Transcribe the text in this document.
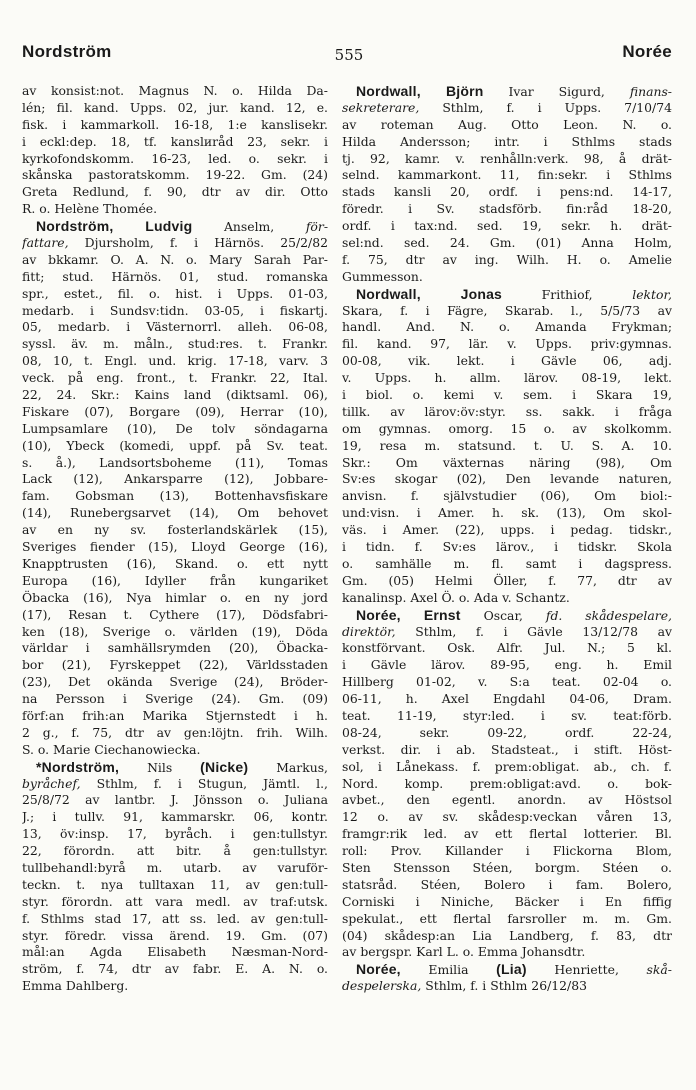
Nordström	555	Norée
av konsist:not. Magnus N. o. Hilda Da-
lén; fil. kand. Upps. 02, jur. kand. 12, e.
fisk. i kammarkoll. 16-18, 1:e kanslisekr.
i eckl:dep. 18, tf. kanslиråd 23, sekr. i
kyrkofondskomm. 16-23, led. o. sekr. i
skånska pastoratskomm. 19-22. Gm. (24)
Greta Redlund, f. 90, dtr av dir. Otto
R. o. Helène Thomée.
Nordström, Ludvig Anselm, för-
fattare, Djursholm, f. i Härnös. 25/2/82
av bkkamr. O. A. N. o. Mary Sarah Par-
fitt; stud. Härnös. 01, stud. romanska
spr., estet., fil. o. hist. i Upps. 01-03,
medarb. i Sundsv:tidn. 03-05, i fiskartj.
05, medarb. i Västernorrl. alleh. 06-08,
syssl. äv. m. måln., stud:res. t. Frankr.
08, 10, t. Engl. und. krig. 17-18, varv. 3
veck. på eng. front., t. Frankr. 22, Ital.
22, 24. Skr.: Kains land (diktsaml. 06),
Fiskare (07), Borgare (09), Herrar (10),
Lumpsamlare (10), De tolv söndagarna
(10), Ybeck (komedi, uppf. på Sv. teat.
s. å.), Landsortsboheme (11), Tomas
Lack (12), Ankarsparre (12), Jobbare-
fam. Gobsman (13), Bottenhavsfiskare
(14), Runebergsarvet (14), Om behovet
av en ny sv. fosterlandskärlek (15),
Sveriges fiender (15), Lloyd George (16),
Knapptrusten (16), Skand. o. ett nytt
Europa (16), Idyller från kungariket
Öbacka (16), Nya himlar o. en ny jord
(17), Resan t. Cythere (17), Dödsfabri-
ken (18), Sverige o. världen (19), Döda
världar i samhällsrymden (20), Öbacka-
bor (21), Fyrskeppet (22), Världsstaden
(23), Det okända Sverige (24), Bröder-
na Persson i Sverige (24). Gm. (09)
förf:an frih:an Marika Stjernstedt i h.
2 g., f. 75, dtr av gen:löjtn. frih. Wilh.
S. o. Marie Ciechanowiecka.
*Nordström, Nils (Nicke) Markus,
byråchef, Sthlm, f. i Stugun, Jämtl. l.,
25/8/72 av lantbr. J. Jönsson o. Juliana
J.; i tullv. 91, kammarskr. 06, kontr.
13, öv:insp. 17, byråch. i gen:tullstyr.
22, förordn. att bitr. å gen:tullstyr.
tullbehandl:byrå m. utarb. av varuför-
teckn. t. nya tulltaxan 11, av gen:tull-
styr. förordn. att vara medl. av traf:utsk.
f. Sthlms stad 17, att ss. led. av gen:tull-
styr. föredr. vissa ärend. 19. Gm. (07)
mål:an Agda Elisabeth Næsman-Nord-
ström, f. 74, dtr av fabr. E. A. N. o.
Emma Dahlberg.
Nordwall, Björn Ivar Sigurd, finans-
sekreterare, Sthlm, f. i Upps. 7/10/74
av roteman Aug. Otto Leon. N. o.
Hilda Andersson; intr. i Sthlms stads
tj. 92, kamr. v. renhålln:verk. 98, å drät-
selnd. kammarkont. 11, fin:sekr. i Sthlms
stads kansli 20, ordf. i pens:nd. 14-17,
föredr. i Sv. stadsförb. fin:råd 18-20,
ordf. i tax:nd. sed. 19, sekr. h. drät-
sel:nd. sed. 24. Gm. (01) Anna Holm,
f. 75, dtr av ing. Wilh. H. o. Amelie
Gummesson.
Nordwall, Jonas Frithiof, lektor,
Skara, f. i Fägre, Skarab. l., 5/5/73 av
handl. And. N. o. Amanda Frykman;
fil. kand. 97, lär. v. Upps. priv:gymnas.
00-08, vik. lekt. i Gävle 06, adj.
v. Upps. h. allm. lärov. 08-19, lekt.
i biol. o. kemi v. sem. i Skara 19,
tillk. av lärov:öv:styr. ss. sakk. i fråga
om gymnas. omorg. 15 o. av skolkomm.
19, resa m. statsund. t. U. S. A. 10.
Skr.: Om växternas näring (98), Om
Sv:es skogar (02), Den levande naturen,
anvisn. f. självstudier (06), Om biol:-
und:visn. i Amer. h. sk. (13), Om skol-
väs. i Amer. (22), upps. i pedag. tidskr.,
i tidn. f. Sv:es lärov., i tidskr. Skola
o. samhälle m. fl. samt i dagspress.
Gm. (05) Helmi Öller, f. 77, dtr av
kanalinsp. Axel Ö. o. Ada v. Schantz.
Norée, Ernst Oscar, fd. skådespelare,
direktör, Sthlm, f. i Gävle 13/12/78 av
konstförvant. Osk. Alfr. Jul. N.; 5 kl.
i Gävle lärov. 89-95, eng. h. Emil
Hillberg 01-02, v. S:a teat. 02-04 o.
06-11, h. Axel Engdahl 04-06, Dram.
teat. 11-19, styr:led. i sv. teat:förb.
08-24, sekr. 09-22, ordf. 22-24,
verkst. dir. i ab. Stadsteat., i stift. Höst-
sol, i Lånekass. f. prem:obligat. ab., ch. f.
Nord. komp. prem:obligat:avd. o. bok-
avbet., den egentl. anordn. av Höstsol
12 o. av sv. skådesp:veckan våren 13,
framgr:rik led. av ett flertal lotterier. Bl.
roll: Prov. Killander i Flickorna Blom,
Sten Stensson Stéen, borgm. Stéen o.
statsråd. Stéen, Bolero i fam. Bolero,
Corniski i Niniche, Bäcker i En fiffig
spekulat., ett flertal farsroller m. m. Gm.
(04) skådesp:an Lia Landberg, f. 83, dtr
av bergspr. Karl L. o. Emma Johansdtr.
Norée, Emilia (Lia) Henriette, skå-
despelerska, Sthlm, f. i Sthlm 26/12/83
